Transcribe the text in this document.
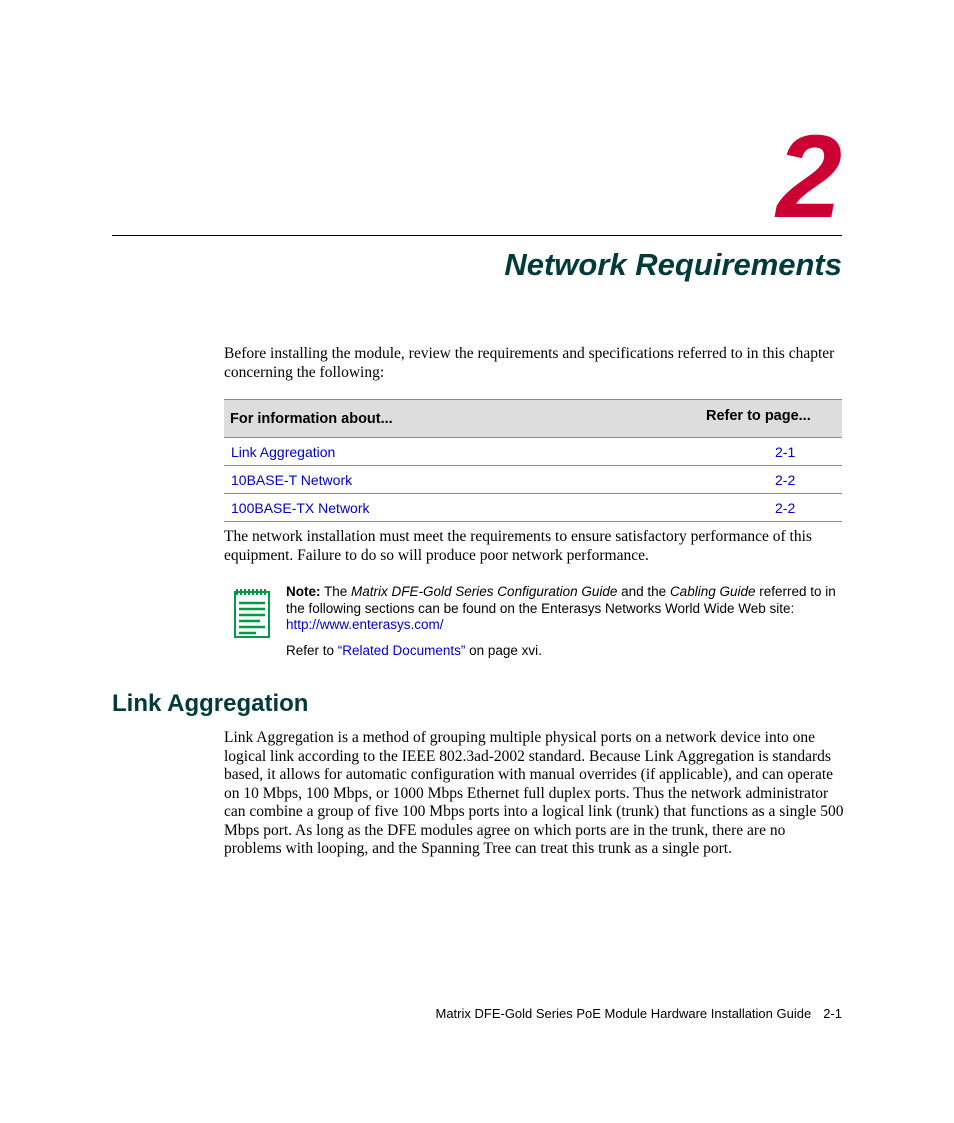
2
Network Requirements

Before installing the module, review the requirements and specifications referred to in this chapter concerning the following:

For information about...	Refer to page...
Link Aggregation	2-1
10BASE-T Network	2-2
100BASE-TX Network	2-2

The network installation must meet the requirements to ensure satisfactory performance of this equipment. Failure to do so will produce poor network performance.

Note: The Matrix DFE-Gold Series Configuration Guide and the Cabling Guide referred to in the following sections can be found on the Enterasys Networks World Wide Web site: http://www.enterasys.com/

Refer to “Related Documents” on page xvi.

Link Aggregation

Link Aggregation is a method of grouping multiple physical ports on a network device into one logical link according to the IEEE 802.3ad-2002 standard. Because Link Aggregation is standards based, it allows for automatic configuration with manual overrides (if applicable), and can operate on 10 Mbps, 100 Mbps, or 1000 Mbps Ethernet full duplex ports. Thus the network administrator can combine a group of five 100 Mbps ports into a logical link (trunk) that functions as a single 500 Mbps port. As long as the DFE modules agree on which ports are in the trunk, there are no problems with looping, and the Spanning Tree can treat this trunk as a single port.

Matrix DFE-Gold Series PoE Module Hardware Installation Guide 2-1
